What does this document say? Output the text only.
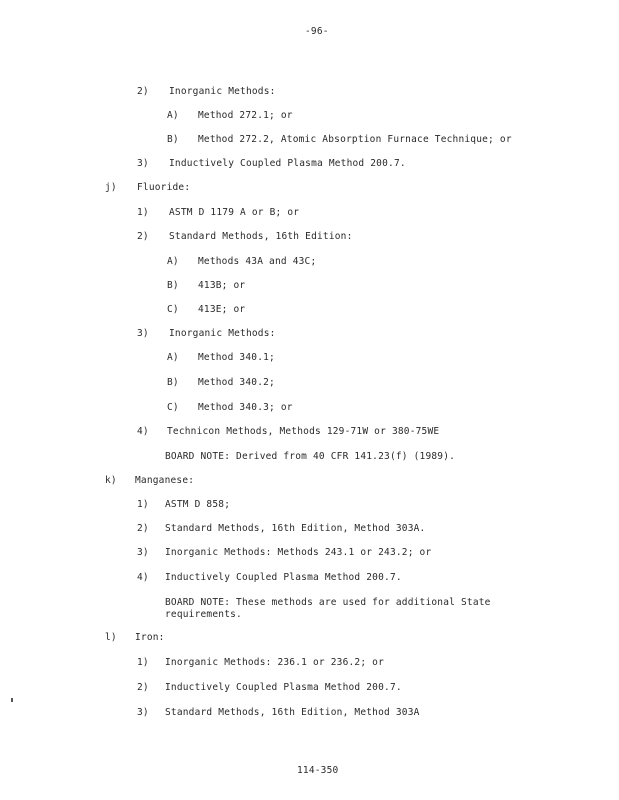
-96-
2) Inorganic Methods:
A) Method 272.1; or
B) Method 272.2, Atomic Absorption Furnace Technique; or
3) Inductively Coupled Plasma Method 200.7.
j) Fluoride:
1) ASTM D 1179 A or B; or
2) Standard Methods, 16th Edition:
A) Methods 43A and 43C;
B) 413B; or
C) 413E; or
3) Inorganic Methods:
A) Method 340.1;
B) Method 340.2;
C) Method 340.3; or
4) Technicon Methods, Methods 129-71W or 380-75WE
BOARD NOTE: Derived from 40 CFR 141.23(f) (1989).
k) Manganese:
1) ASTM D 858;
2) Standard Methods, 16th Edition, Method 303A.
3) Inorganic Methods: Methods 243.1 or 243.2; or
4) Inductively Coupled Plasma Method 200.7.
BOARD NOTE: These methods are used for additional State
requirements.
l) Iron:
1) Inorganic Methods: 236.1 or 236.2; or
2) Inductively Coupled Plasma Method 200.7.
3) Standard Methods, 16th Edition, Method 303A
114-350
